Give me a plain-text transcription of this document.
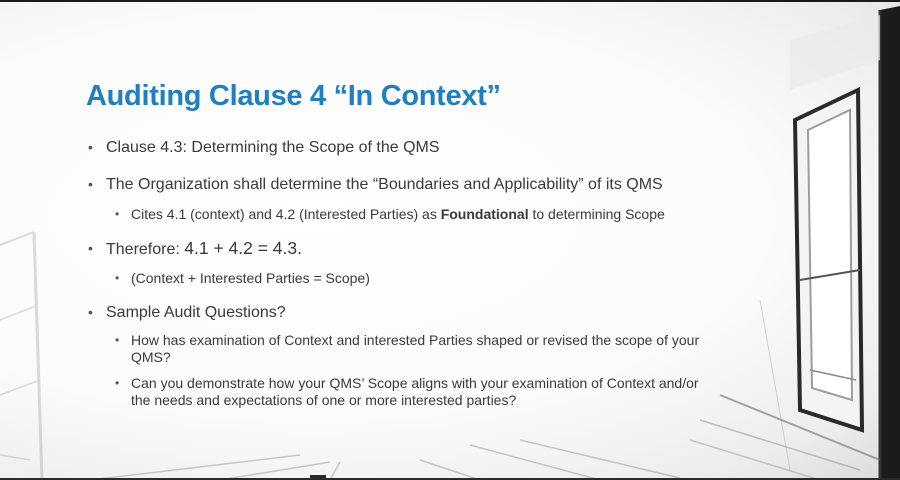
Auditing Clause 4 “In Context”
• Clause 4.3: Determining the Scope of the QMS
• The Organization shall determine the “Boundaries and Applicability” of its QMS
• Cites 4.1 (context) and 4.2 (Interested Parties) as Foundational to determining Scope
• Therefore: 4.1 + 4.2 = 4.3.
• (Context + Interested Parties = Scope)
• Sample Audit Questions?
• How has examination of Context and interested Parties shaped or revised the scope of your QMS?
• Can you demonstrate how your QMS’ Scope aligns with your examination of Context and/or the needs and expectations of one or more interested parties?
